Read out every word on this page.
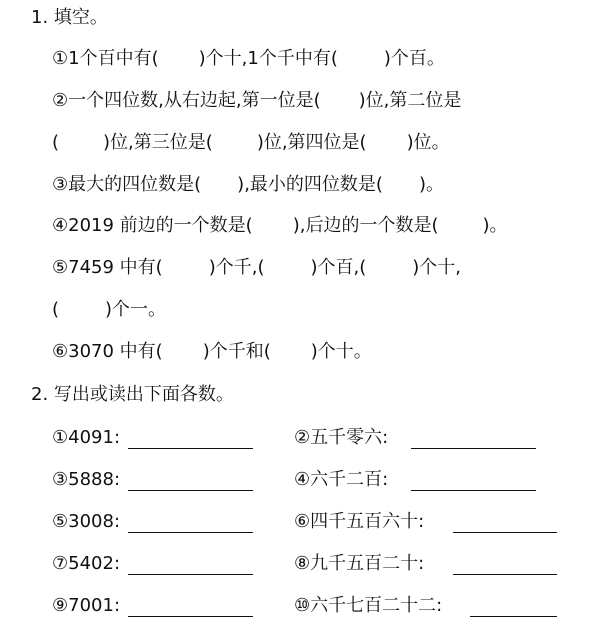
1. 填空。
①1个百中有( )个十,1个千中有(	)个百。
②一个四位数,从右边起,第一位是( )位,第二位是
( )位,第三位是( )位,第四位是( )位。
③最大的四位数是( ),最小的四位数是( )。
④2019 前边的一个数是( ),后边的一个数是( )。
⑤7459 中有(	)个千,(	)个百,(	)个十,
(	)个一。
⑥3070 中有( )个千和( )个十。
2. 写出或读出下面各数。
①4091:	②五千零六:
③5888:	④六千二百:
⑤3008:	⑥四千五百六十:
⑦5402:	⑧九千五百二十:
⑨7001:	⑩六千七百二十二:
